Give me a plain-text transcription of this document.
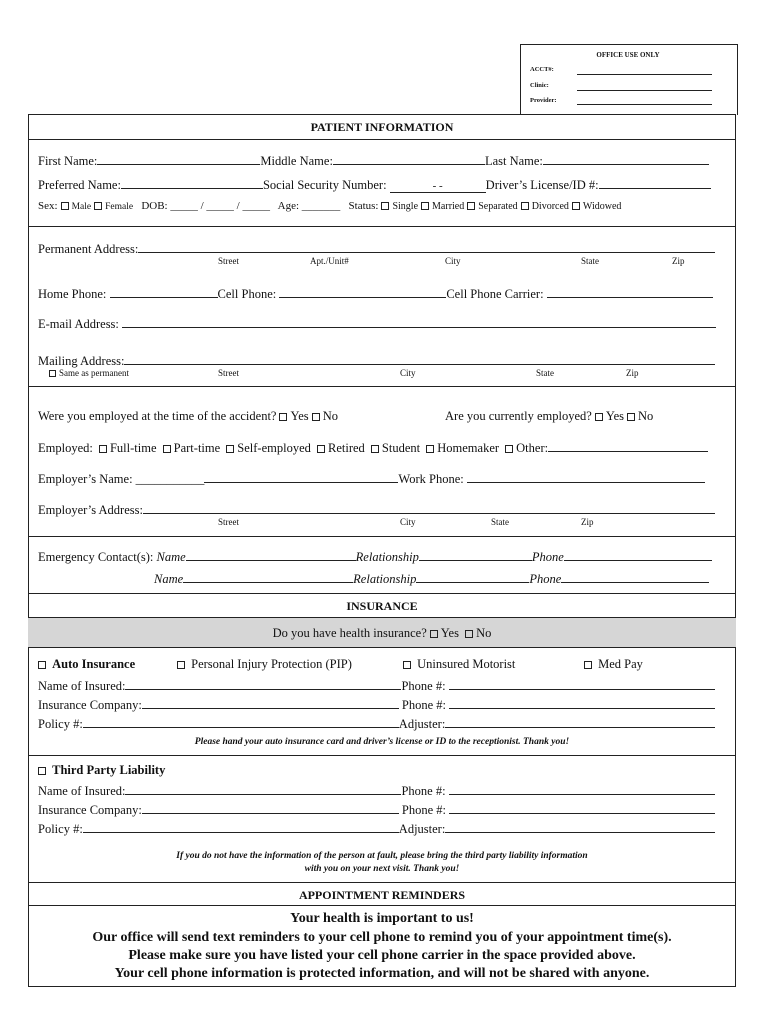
OFFICE USE ONLY
ACCT#:
Clinic:
Provider:
PATIENT INFORMATION
First Name:	Middle Name:	Last Name:
Preferred Name:	Social Security Number:	- -	Driver’s License/ID #:
Sex: Male Female DOB: _____ / _____ / _____ Age: _______ Status: Single Married Separated Divorced Widowed
Permanent Address:
Street	Apt./Unit#	City	State	Zip
Home Phone:	Cell Phone:	Cell Phone Carrier:
E-mail Address:
Mailing Address:
Same as permanent	Street	City	State	Zip
Were you employed at the time of the accident? Yes No	Are you currently employed? Yes No
Employed: Full-time Part-time Self-employed Retired Student Homemaker Other:
Employer’s Name: ___________	Work Phone:
Employer’s Address:
Street	City	State	Zip
Emergency Contact(s): Name	Relationship	Phone
Name	Relationship	Phone
INSURANCE
Do you have health insurance? Yes No
Auto Insurance	Personal Injury Protection (PIP)	Uninsured Motorist	Med Pay
Name of Insured:	Phone #:
Insurance Company:	Phone #:
Policy #:	Adjuster:
Please hand your auto insurance card and driver’s license or ID to the receptionist. Thank you!
Third Party Liability
Name of Insured:	Phone #:
Insurance Company:	Phone #:
Policy #:	Adjuster:
If you do not have the information of the person at fault, please bring the third party liability information
with you on your next visit. Thank you!
APPOINTMENT REMINDERS
Your health is important to us!
Our office will send text reminders to your cell phone to remind you of your appointment time(s).
Please make sure you have listed your cell phone carrier in the space provided above.
Your cell phone information is protected information, and will not be shared with anyone.
